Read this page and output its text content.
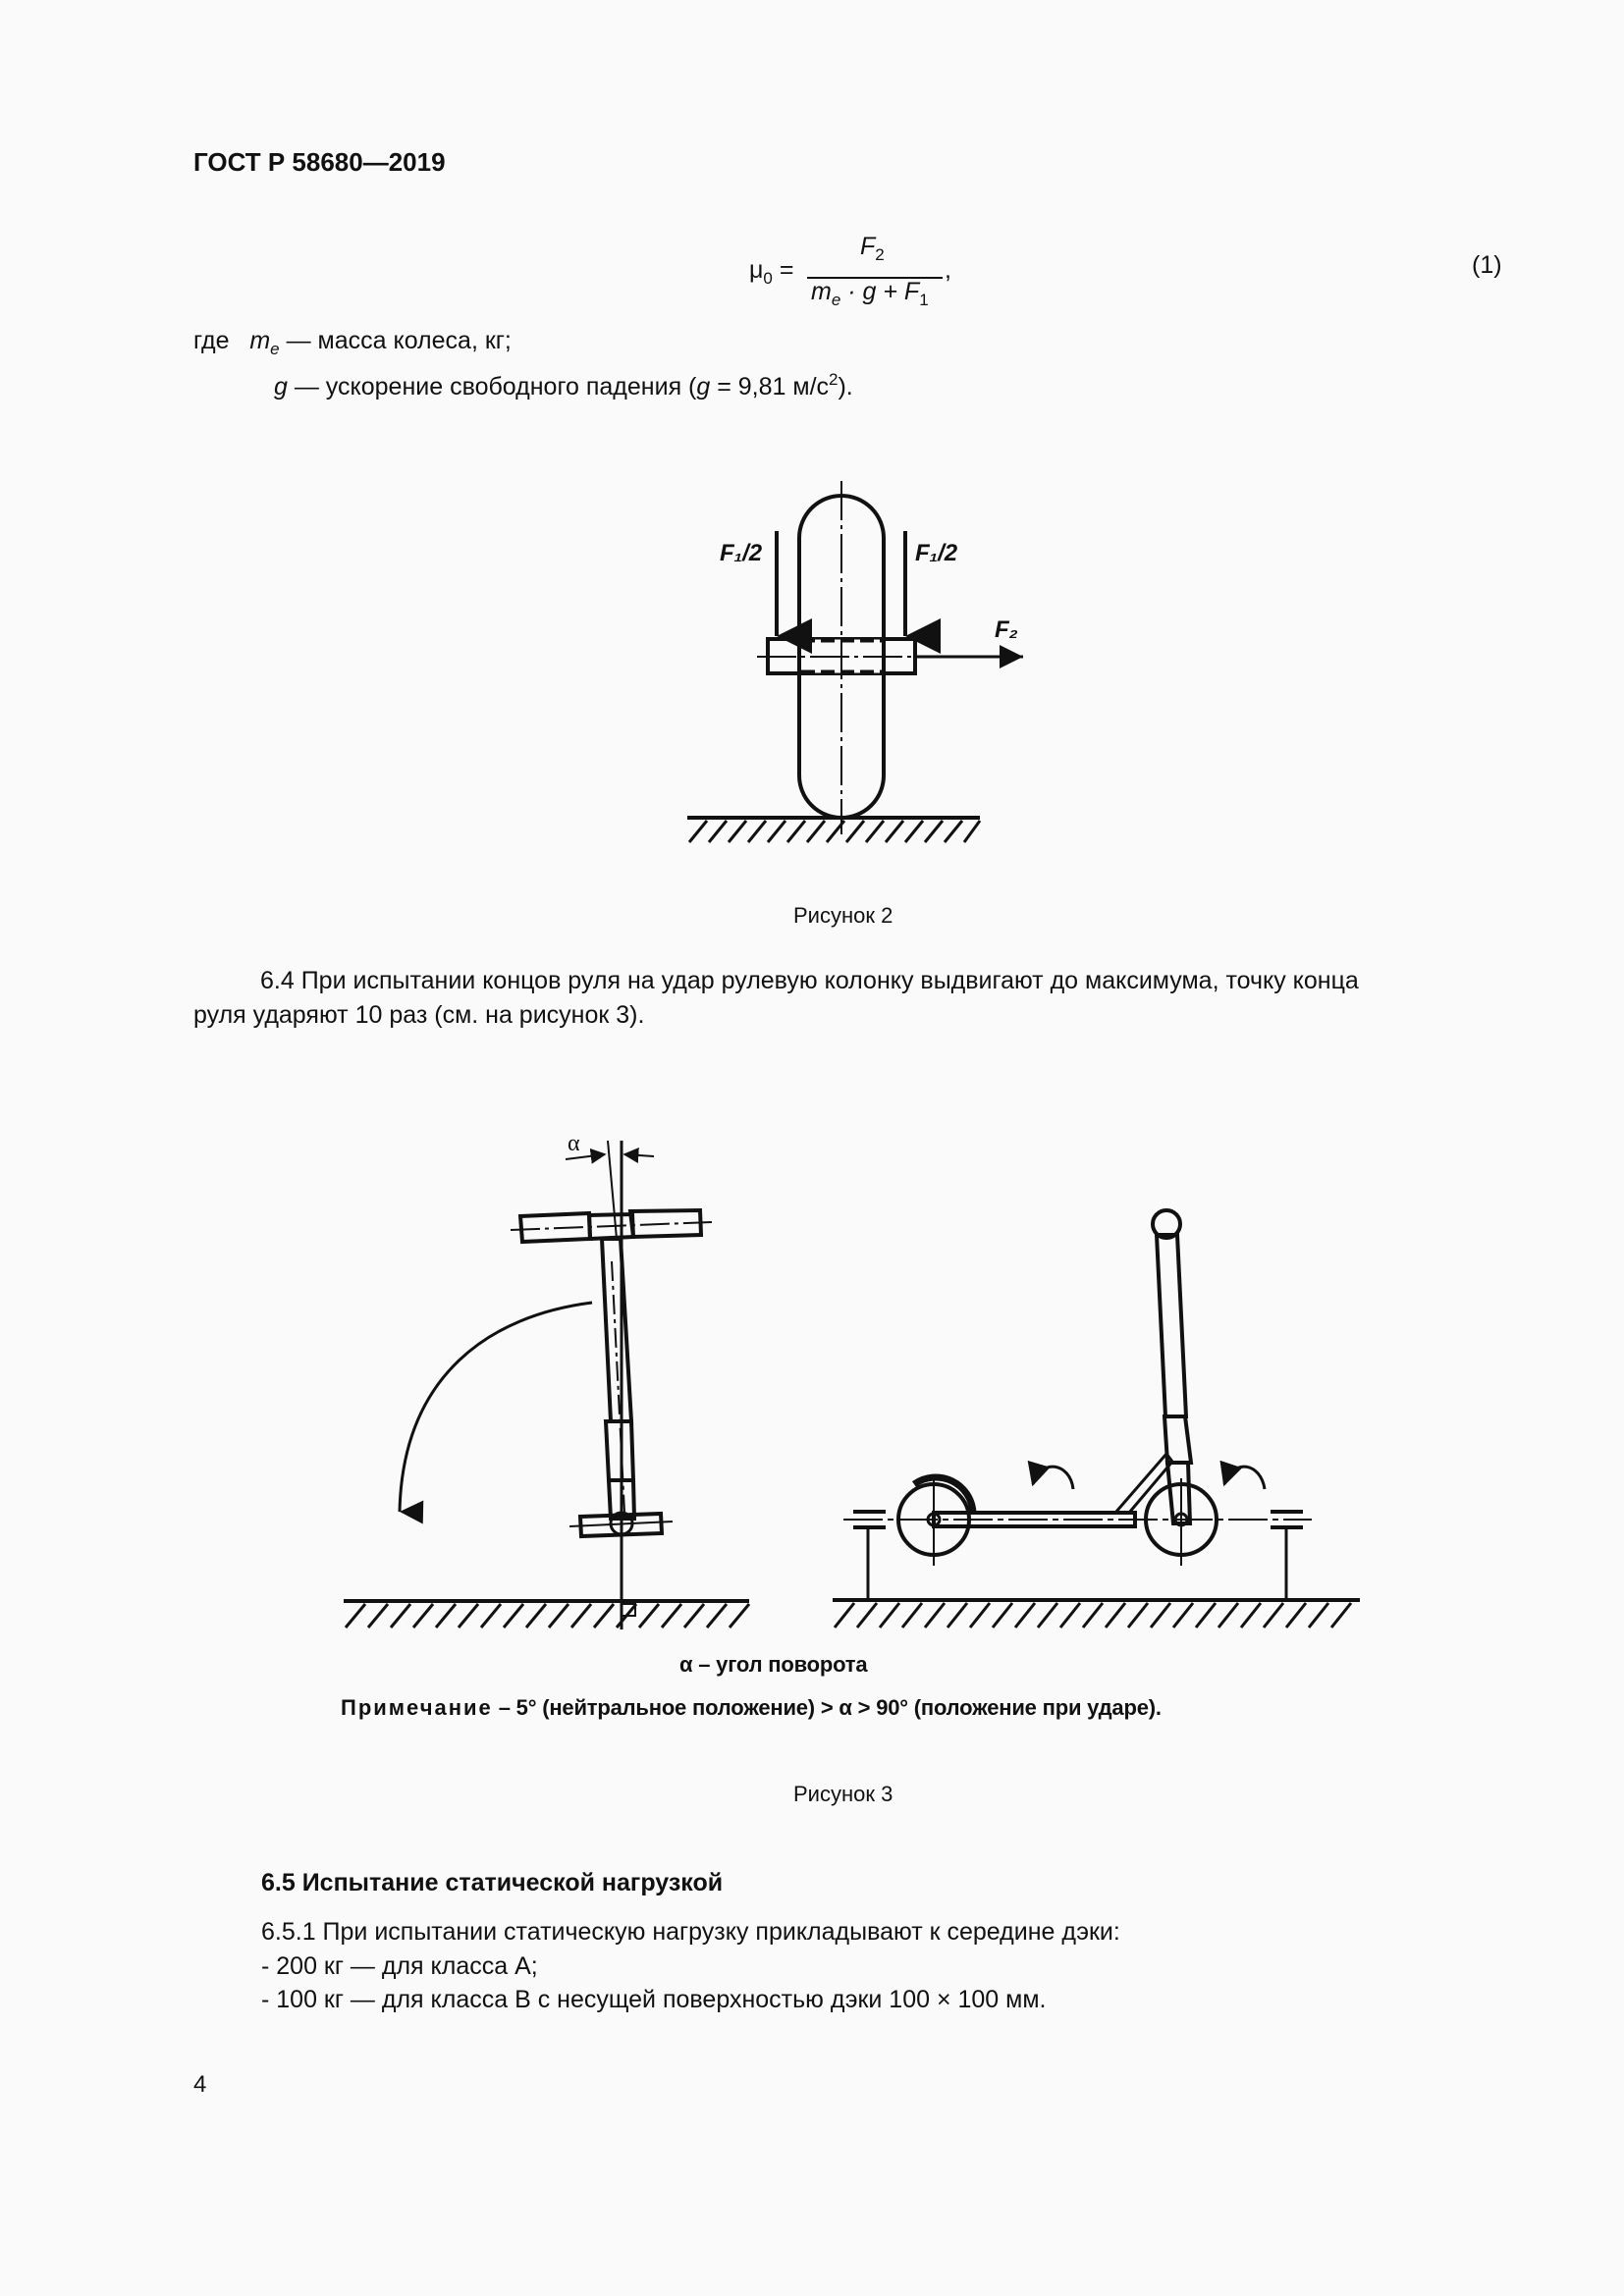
ГОСТ Р 58680—2019
$\mu_0$ =
$F_2$
$m_e \cdot g + F_1$
,	(1)
где $m_e$ — масса колеса, кг;
g — ускорение свободного падения (g = 9,81 $м/с^2$).
F₁/2	F₁/2
F₂
Рисунок 2
6.4 При испытании концов руля на удар рулевую колонку выдвигают до максимума, точку конца
руля ударяют 10 раз (см. на рисунок 3).
α
α – угол поворота
Примечание – 5° (нейтральное положение) > α > 90° (положение при ударе).
Рисунок 3
6.5 Испытание статической нагрузкой
6.5.1 При испытании статическую нагрузку прикладывают к середине дэки:
- 200 кг — для класса А;
- 100 кг — для класса В с несущей поверхностью дэки 100 × 100 мм.
4
